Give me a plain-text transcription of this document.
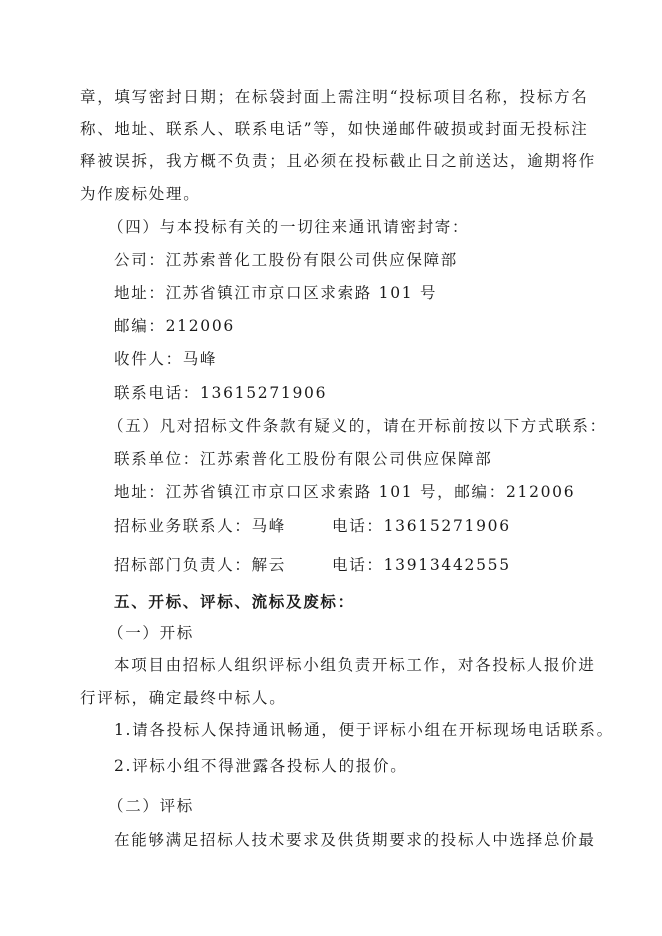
章，填写密封日期；在标袋封面上需注明“投标项目名称，投标方名
称、地址、联系人、联系电话”等，如快递邮件破损或封面无投标注
释被误拆，我方概不负责；且必须在投标截止日之前送达，逾期将作
为作废标处理。
（四）与本投标有关的一切往来通讯请密封寄：
公司：江苏索普化工股份有限公司供应保障部
地址：江苏省镇江市京口区求索路 101 号
邮编：212006
收件人：马峰
联系电话：13615271906
（五）凡对招标文件条款有疑义的，请在开标前按以下方式联系：
联系单位：江苏索普化工股份有限公司供应保障部
地址：江苏省镇江市京口区求索路 101 号，邮编：212006
招标业务联系人：马峰	电话：13615271906
招标部门负责人：解云	电话：13913442555
五、开标、评标、流标及废标：
（一）开标
本项目由招标人组织评标小组负责开标工作，对各投标人报价进
行评标，确定最终中标人。
1.请各投标人保持通讯畅通，便于评标小组在开标现场电话联系。
2.评标小组不得泄露各投标人的报价。
（二）评标
在能够满足招标人技术要求及供货期要求的投标人中选择总价最
